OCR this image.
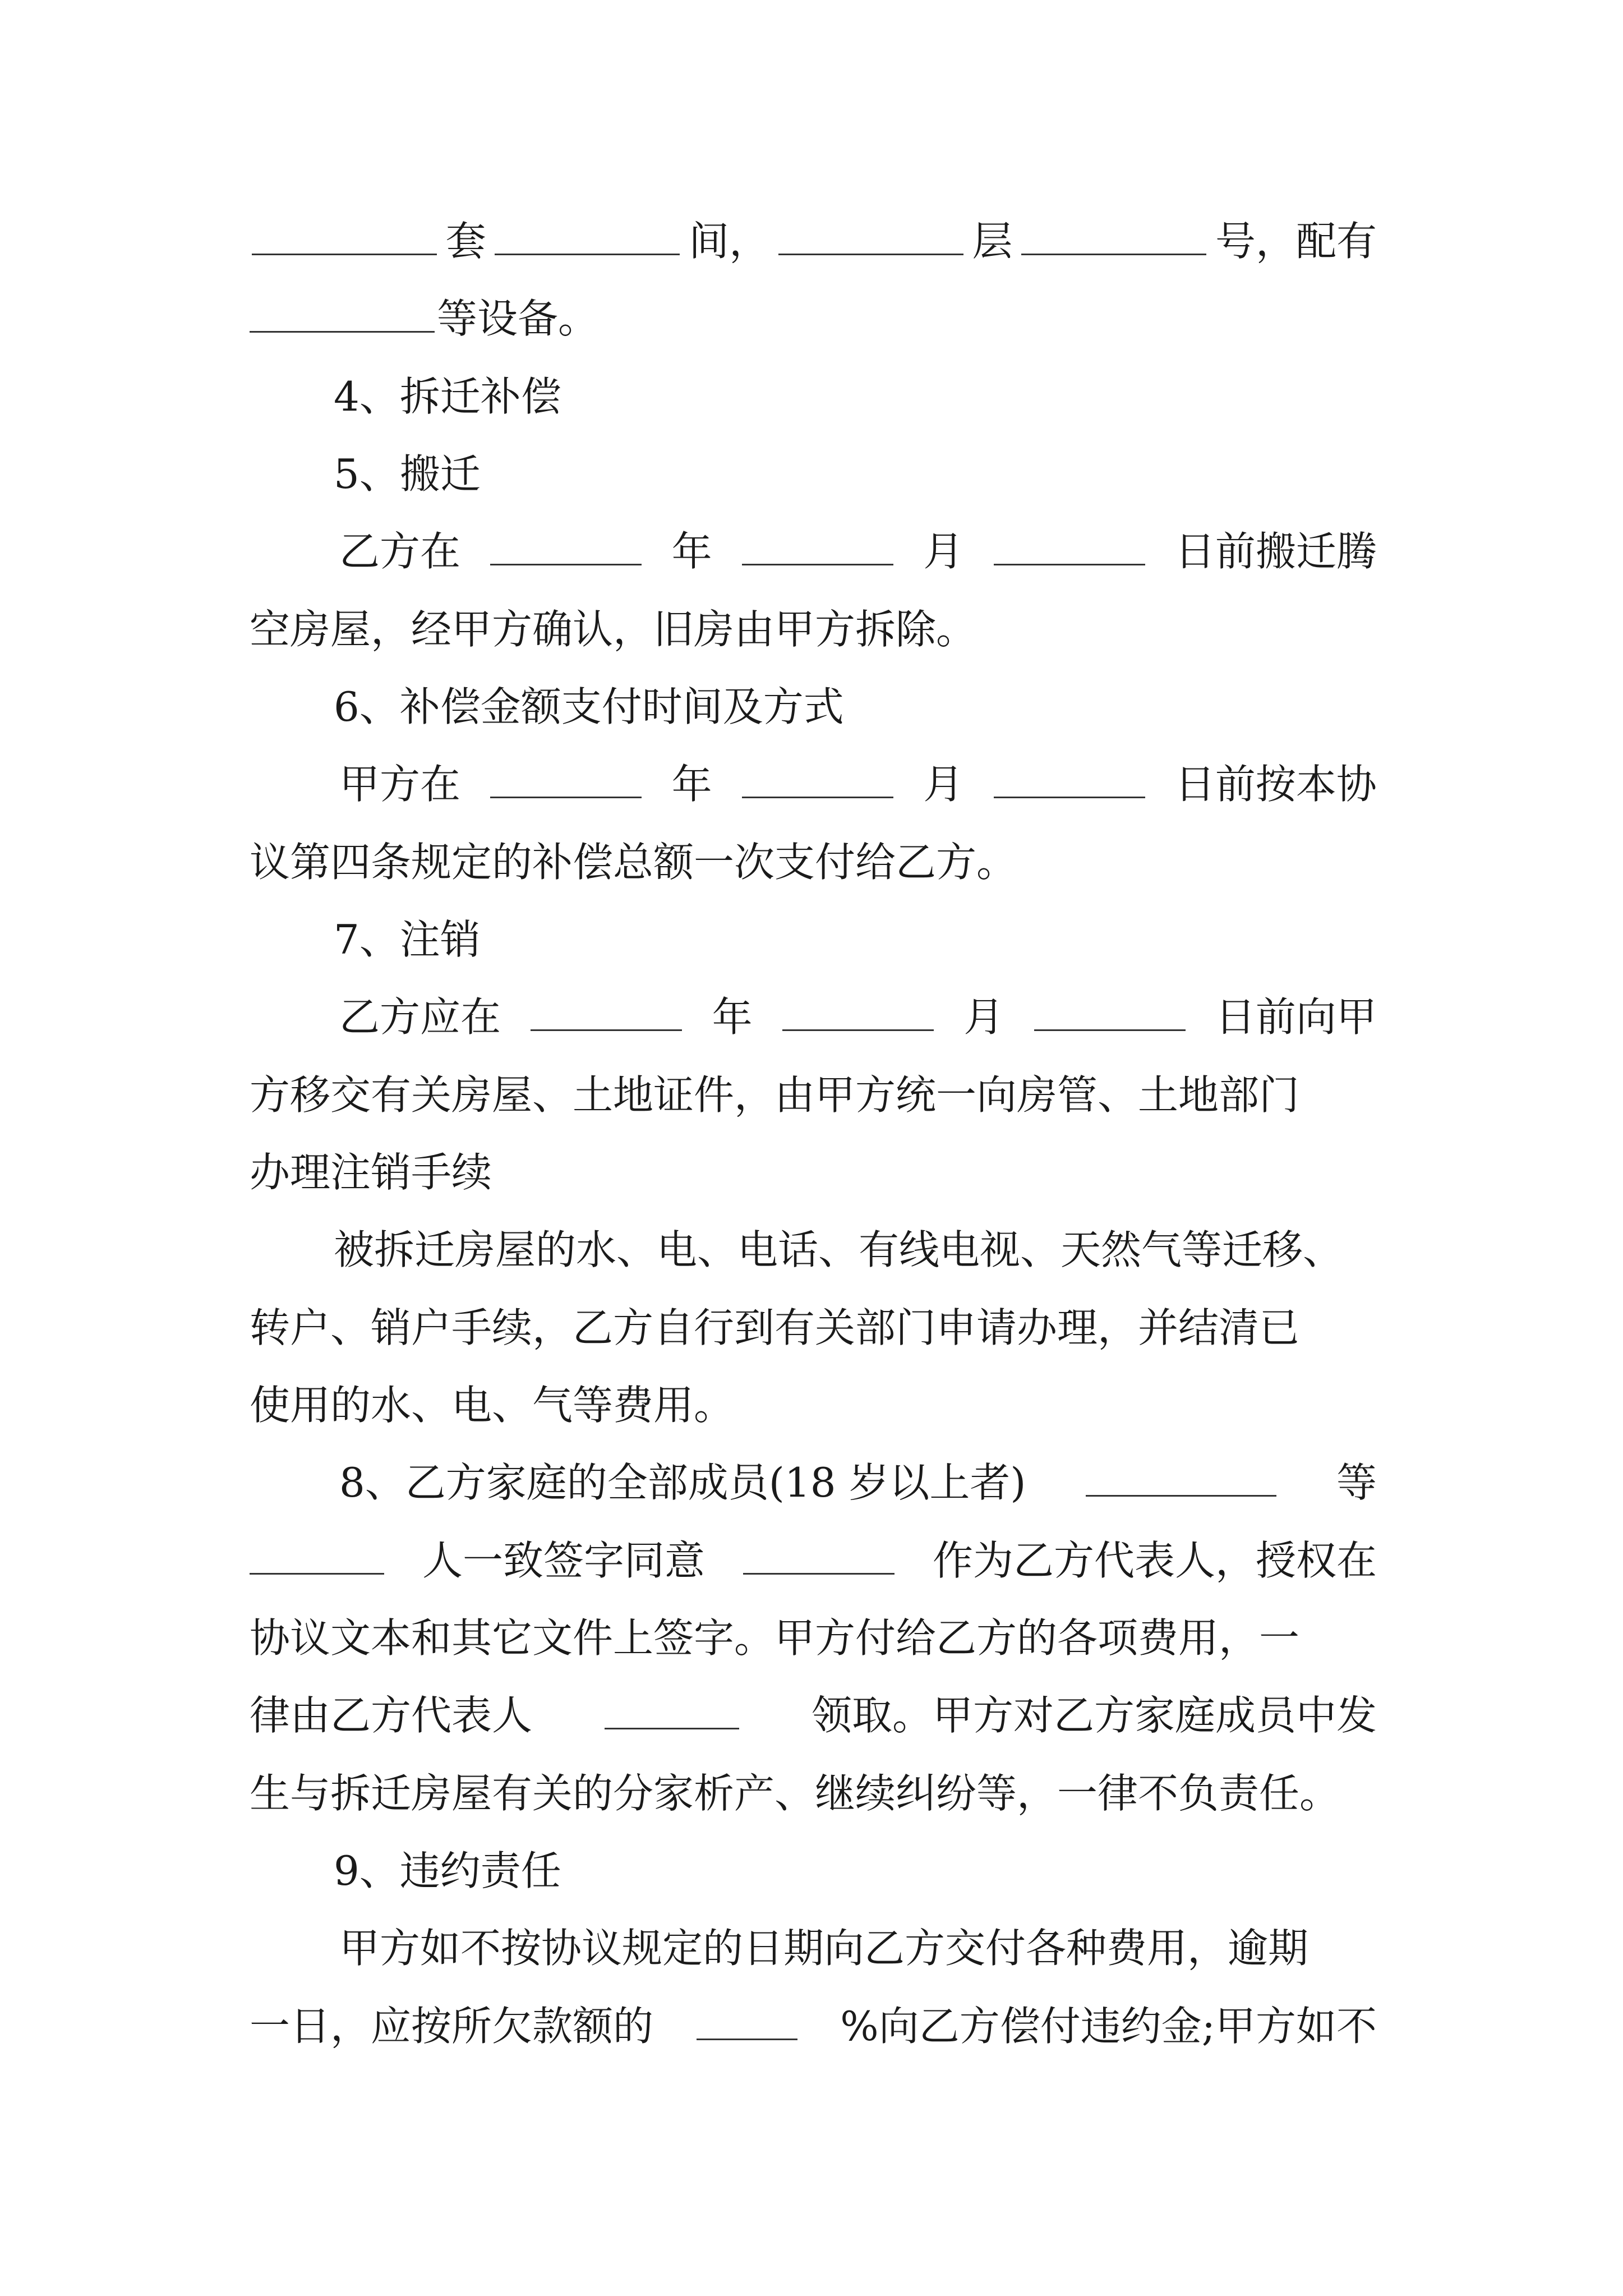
套	间，	层	号，配有
等设备。
4、拆迁补偿
5、搬迁
乙方在	年	月	日前搬迁腾
空房屋，经甲方确认，旧房由甲方拆除。
6、补偿金额支付时间及方式
甲方在	年	月	日前按本协
议第四条规定的补偿总额一次支付给乙方。
7、注销
乙方应在	年	月	日前向甲
方移交有关房屋、土地证件，由甲方统一向房管、土地部门
办理注销手续
被拆迁房屋的水、电、电话、有线电视、天然气等迁移、
转户、销户手续，乙方自行到有关部门申请办理，并结清已
使用的水、电、气等费用。
8、乙方家庭的全部成员(18 岁以上者)	等
人一致签字同意	作为乙方代表人，授权在
协议文本和其它文件上签字。甲方付给乙方的各项费用，一
律由乙方代表人	领取。甲方对乙方家庭成员中发
生与拆迁房屋有关的分家析产、继续纠纷等，一律不负责任。
9、违约责任
甲方如不按协议规定的日期向乙方交付各种费用，逾期
一日，应按所欠款额的	%向乙方偿付违约金;甲方如不
